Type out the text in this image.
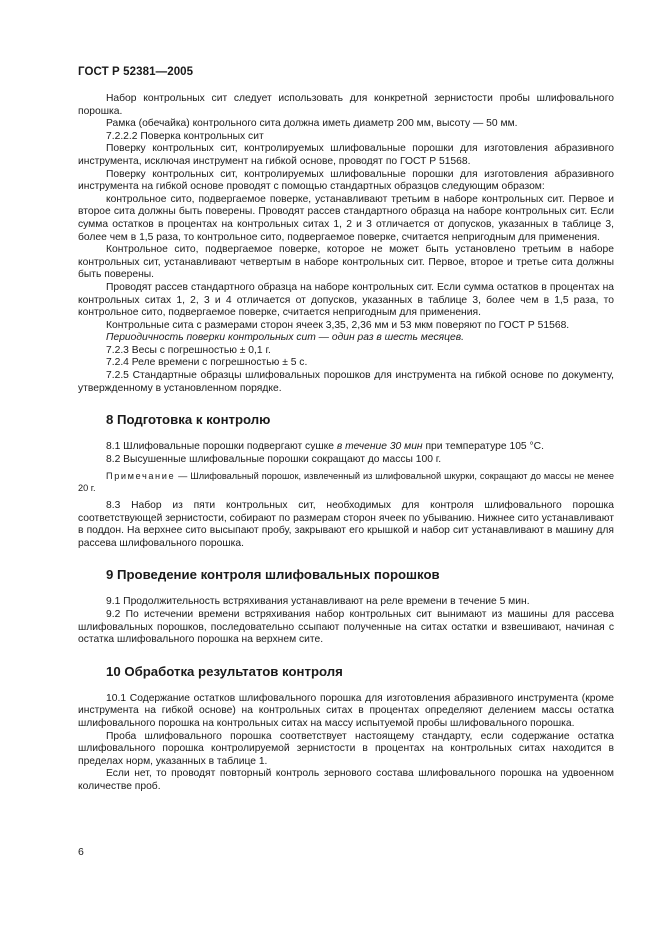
ГОСТ Р 52381—2005

Набор контрольных сит следует использовать для конкретной зернистости пробы шлифовального порошка.

Рамка (обечайка) контрольного сита должна иметь диаметр 200 мм, высоту — 50 мм.

7.2.2.2 Поверка контрольных сит

Поверку контрольных сит, контролируемых шлифовальные порошки для изготовления абразивного инструмента, исключая инструмент на гибкой основе, проводят по ГОСТ Р 51568.

Поверку контрольных сит, контролируемых шлифовальные порошки для изготовления абразивного инструмента на гибкой основе проводят с помощью стандартных образцов следующим образом:

контрольное сито, подвергаемое поверке, устанавливают третьим в наборе контрольных сит. Первое и второе сита должны быть поверены. Проводят рассев стандартного образца на наборе контрольных сит. Если сумма остатков в процентах на контрольных ситах 1, 2 и 3 отличается от допусков, указанных в таблице 3, более чем в 1,5 раза, то контрольное сито, подвергаемое поверке, считается непригодным для применения.

Контрольное сито, подвергаемое поверке, которое не может быть установлено третьим в наборе контрольных сит, устанавливают четвертым в наборе контрольных сит. Первое, второе и третье сита должны быть поверены.

Проводят рассев стандартного образца на наборе контрольных сит. Если сумма остатков в процентах на контрольных ситах 1, 2, 3 и 4 отличается от допусков, указанных в таблице 3, более чем в 1,5 раза, то контрольное сито, подвергаемое поверке, считается непригодным для применения.

Контрольные сита с размерами сторон ячеек 3,35, 2,36 мм и 53 мкм поверяют по ГОСТ Р 51568.

Периодичность поверки контрольных сит — один раз в шесть месяцев.

7.2.3 Весы с погрешностью ± 0,1 г.

7.2.4 Реле времени с погрешностью ± 5 с.

7.2.5 Стандартные образцы шлифовальных порошков для инструмента на гибкой основе по документу, утвержденному в установленном порядке.

8 Подготовка к контролю

8.1 Шлифовальные порошки подвергают сушке в течение 30 мин при температуре 105 °С.

8.2 Высушенные шлифовальные порошки сокращают до массы 100 г.

Примечание — Шлифовальный порошок, извлеченный из шлифовальной шкурки, сокращают до массы не менее 20 г.

8.3 Набор из пяти контрольных сит, необходимых для контроля шлифовального порошка соответствующей зернистости, собирают по размерам сторон ячеек по убыванию. Нижнее сито устанавливают в поддон. На верхнее сито высыпают пробу, закрывают его крышкой и набор сит устанавливают в машину для рассева шлифовального порошка.

9 Проведение контроля шлифовальных порошков

9.1 Продолжительность встряхивания устанавливают на реле времени в течение 5 мин.

9.2 По истечении времени встряхивания набор контрольных сит вынимают из машины для рассева шлифовальных порошков, последовательно ссыпают полученные на ситах остатки и взвешивают, начиная с остатка шлифовального порошка на верхнем сите.

10 Обработка результатов контроля

10.1 Содержание остатков шлифовального порошка для изготовления абразивного инструмента (кроме инструмента на гибкой основе) на контрольных ситах в процентах определяют делением массы остатка шлифовального порошка на контрольных ситах на массу испытуемой пробы шлифовального порошка.

Проба шлифовального порошка соответствует настоящему стандарту, если содержание остатка шлифовального порошка контролируемой зернистости в процентах на контрольных ситах находится в пределах норм, указанных в таблице 1.

Если нет, то проводят повторный контроль зернового состава шлифовального порошка на удвоенном количестве проб.

6
